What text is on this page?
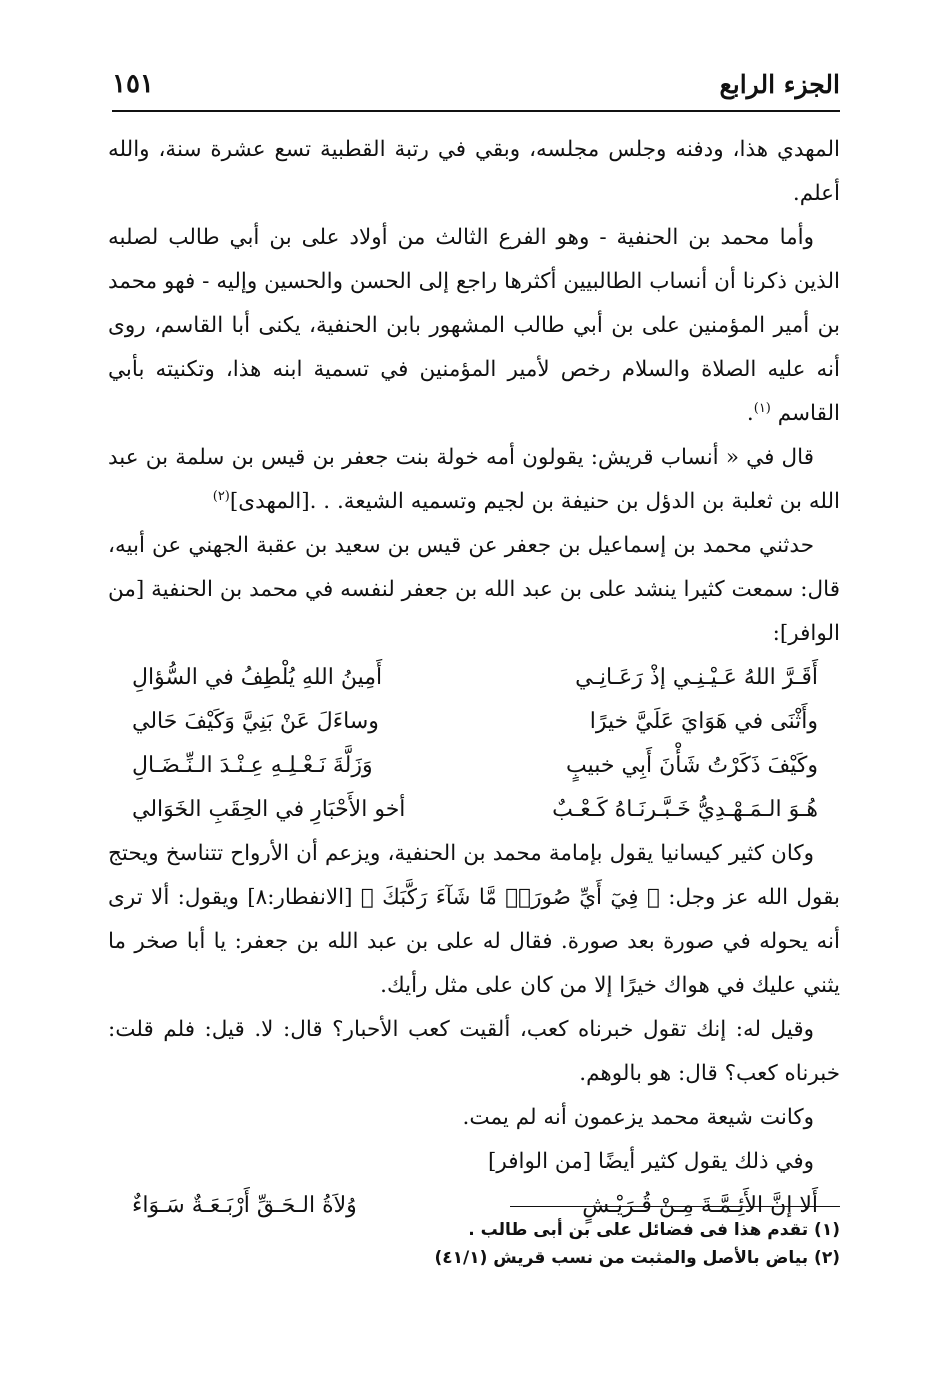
الجزء الرابع
١٥١

المهدي هذا، ودفنه وجلس مجلسه، وبقي في رتبة القطبية تسع عشرة سنة، والله أعلم.

وأما محمد بن الحنفية - وهو الفرع الثالث من أولاد على بن أبي طالب لصلبه الذين ذكرنا أن أنساب الطالبيين أكثرها راجع إلى الحسن والحسين وإليه - فهو محمد بن أمير المؤمنين على بن أبي طالب المشهور بابن الحنفية، يكنى أبا القاسم، روى أنه عليه الصلاة والسلام رخص لأمير المؤمنين في تسمية ابنه هذا، وتكنيته بأبي القاسم $^{(١)}$.

قال في « أنساب قريش: يقولون أمه خولة بنت جعفر بن قيس بن سلمة بن عبد الله بن ثعلبة بن الدؤل بن حنيفة بن لجيم وتسميه الشيعة. . .[المهدى]$^{(٢)}$

حدثني محمد بن إسماعيل بن جعفر عن قيس بن سعيد بن عقبة الجهني عن أبيه، قال: سمعت كثيرا ينشد على بن عبد الله بن جعفر لنفسه في محمد بن الحنفية [من الوافر]:

أَقَـرَّ اللهُ عَـيْـنِـي إذْ رَعَـانِـي
أَمِينُ اللهِ يُلْطِفُ في السُّؤالِ
وأَثْنَى في هَوَايَ عَلَيَّ خيرًا
وساءَلَ عَنْ بَنِيَّ وَكَيْفَ حَالي
وكَيْفَ ذَكَرْتُ شَأْنَ أَبِي خبيبٍ
وَزَلَّةَ نَـعْـلِـهِ عِـنْـدَ الـنِّـضَـالِ
هُـوَ الـمَـهْـدِيُّ خَـبَّـرنَـاهُ كَـعْـبٌ
أخو الأَحْبَارِ في الحِقَبِ الخَوَالي

وكان كثير كيسانيا يقول بإمامة محمد بن الحنفية، ويزعم أن الأرواح تتناسخ ويحتج بقول الله عز وجل: ﴿ فِيٓ أَيِّ صُورَةٖ مَّا شَآءَ رَكَّبَكَ ﴾ [الانفطار:٨] ويقول: ألا ترى أنه يحوله في صورة بعد صورة. فقال له على بن عبد الله بن جعفر: يا أبا صخر ما يثني عليك في هواك خيرًا إلا من كان على مثل رأيك.

وقيل له: إنك تقول خبرناه كعب، ألقيت كعب الأحبار؟ قال: لا. قيل: فلم قلت: خبرناه كعب؟ قال: هو بالوهم.

وكانت شيعة محمد يزعمون أنه لم يمت.

وفي ذلك يقول كثير أيضًا [من الوافر]

أَلا إنَّ الأَئِـمَّـةَ مِـنْ قُـرَيْـشٍ
وُلاَةُ الـحَـقِّ أَرْبَـعَـةٌ سَـوَاءٌ

(١) تقدم هذا فى فضائل على بن أبى طالب .

(٢) بياض بالأصل والمثبت من نسب قريش (٤١/١)
